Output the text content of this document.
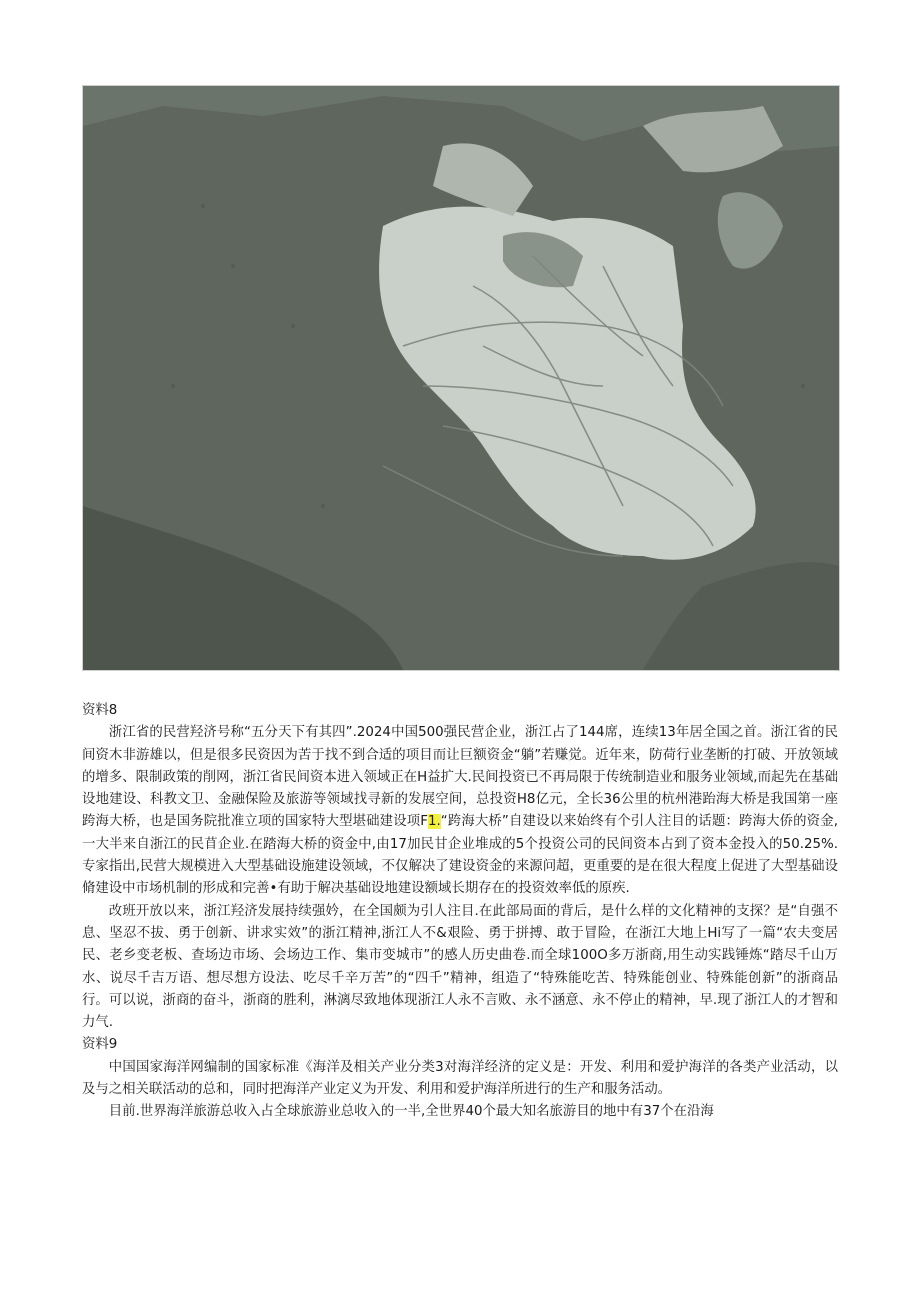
资料8

浙江省的民营羟济号称“五分天下有其四”.2024中国500强民营企业，浙江占了144席，连续13年居全国之首。浙江省的民间资木非游雄以，但是很多民资因为苦于找不到合适的项目而让巨额资金“躺”若赚觉。近年来，防荷行业垄断的打破、开放领域的增多、限制政策的削网，浙江省民间资本进入领域正在H益扩大.民间投资已不再局限于传统制造业和服务业领域,而起先在基础设地建设、科教文卫、金融保险及旅游等领域找寻新的发展空间，总投资H8亿元，全长36公里的杭州港跆海大桥是我国第一座跨海大桥，也是国务院批准立项的国家特大型堪础建设项F1.“跨海大桥”自建设以来始终有个引人注目的话题：跨海大侨的资金,一大半来自浙江的民苜企业.在踏海大桥的资金中,由17加民甘企业堆成的5个投资公司的民间资本占到了资本金投入的50.25%.专家指出,民营大规模进入大型基础设施建设领域，不仅解决了建设资金的来源问超，更重要的是在很大程度上促进了大型基础设脩建设中市场机制的形成和完善•有助于解决基础设地建设额域长期存在的投资效率低的原疾.

改班开放以来，浙江羟济发展持续强妗，在全国颇为引人注目.在此部局面的背后，是什么样的文化精神的支探？是“自强不息、坚忍不拔、勇于创新、讲求实效”的浙江精神,浙江人不&艰险、勇于拼搏、敢于冒险，在浙江大地上Hi写了一篇“农夫变居民、老乡变老板、查场边市场、会场边工作、集市变城市”的感人历史曲卷.而全球100O多万浙商,用生动实践锤炼“踏尽千山万水、说尽千吉万语、想尽想方设法、吃尽千辛万苦”的“四千”精神，组造了“特殊能吃苦、特殊能创业、特殊能创新”的浙商品行。可以说，浙商的奋斗，浙商的胜利，淋漓尽致地体现浙江人永不言败、永不涵意、永不停止的精神，早.现了浙江人的才智和力气.

资料9

中国国家海洋网编制的国家标准《海洋及相关产业分类3对海洋经济的定义是：开发、利用和爱护海洋的各类产业活动，以及与之相关联活动的总和，同时把海洋产业定义为开发、利用和爱护海洋所进行的生产和服务活动。

目前.世界海洋旅游总收入占全球旅游业总收入的一半,全世界40个最大知名旅游目的地中有37个在沿海
